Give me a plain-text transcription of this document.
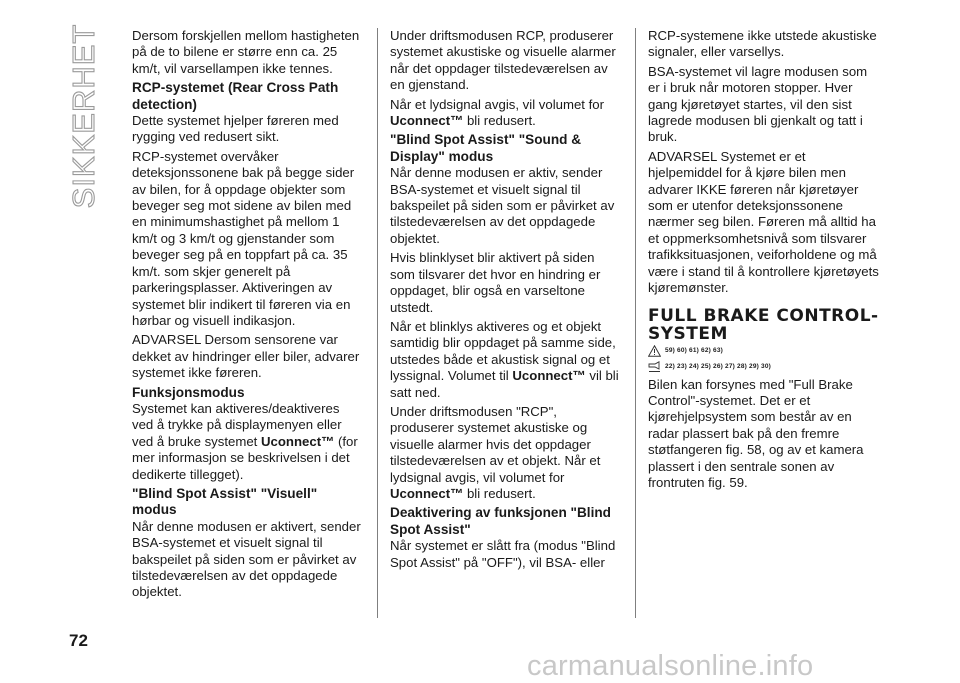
SIKKERHET Dersom forskjellen mellom hastigheten på de to bilene er større enn ca. 25 km/t, vil varsellampen ikke tennes.

RCP-systemet (Rear Cross Path detection)

Dette systemet hjelper føreren med rygging ved redusert sikt.

RCP-systemet overvåker deteksjonssonene bak på begge sider av bilen, for å oppdage objekter som beveger seg mot sidene av bilen med en minimumshastighet på mellom 1 km/t og 3 km/t og gjenstander som beveger seg på en toppfart på ca. 35 km/t. som skjer generelt på parkeringsplasser. Aktiveringen av systemet blir indikert til føreren via en hørbar og visuell indikasjon.

ADVARSEL Dersom sensorene var dekket av hindringer eller biler, advarer systemet ikke føreren.

Funksjonsmodus

Systemet kan aktiveres/deaktiveres ved å trykke på displaymenyen eller ved å bruke systemet Uconnect™ (for mer informasjon se beskrivelsen i det dedikerte tillegget).

"Blind Spot Assist" "Visuell" modus

Når denne modusen er aktivert, sender BSA-systemet et visuelt signal til bakspeilet på siden som er påvirket av tilstedeværelsen av det oppdagede objektet.

Under driftsmodusen RCP, produserer systemet akustiske og visuelle alarmer når det oppdager tilstedeværelsen av en gjenstand.

Når et lydsignal avgis, vil volumet for
Uconnect™ bli redusert.

"Blind Spot Assist" "Sound & Display" modus

Når denne modusen er aktiv, sender BSA-systemet et visuelt signal til bakspeilet på siden som er påvirket av tilstedeværelsen av det oppdagede objektet.

Hvis blinklyset blir aktivert på siden som tilsvarer det hvor en hindring er oppdaget, blir også en varseltone utstedt.

Når et blinklys aktiveres og et objekt samtidig blir oppdaget på samme side, utstedes både et akustisk signal og et lyssignal. Volumet til Uconnect™ vil bli satt ned.

Under driftsmodusen "RCP", produserer systemet akustiske og visuelle alarmer hvis det oppdager tilstedeværelsen av et objekt. Når et lydsignal avgis, vil volumet for
Uconnect™ bli redusert.

Deaktivering av funksjonen "Blind Spot Assist"

Når systemet er slått fra (modus "Blind Spot Assist" på "OFF"), vil BSA- eller

RCP-systemene ikke utstede akustiske signaler, eller varsellys.

BSA-systemet vil lagre modusen som er i bruk når motoren stopper. Hver gang kjøretøyet startes, vil den sist lagrede modusen bli gjenkalt og tatt i bruk.

ADVARSEL Systemet er et hjelpemiddel for å kjøre bilen men advarer IKKE føreren når kjøretøyer som er utenfor deteksjonssonene nærmer seg bilen. Føreren må alltid ha et oppmerksomhetsnivå som tilsvarer trafikksituasjonen, veiforholdene og må være i stand til å kontrollere kjøretøyets kjøremønster.

FULL BRAKE CONTROL-SYSTEM
59) 60) 61) 62) 63)
22) 23) 24) 25) 26) 27) 28) 29) 30)

Bilen kan forsynes med "Full Brake Control"-systemet. Det er et kjørehjelpsystem som består av en radar plassert bak på den fremre støtfangeren fig. 58, og av et kamera plassert i den sentrale sonen av frontruten fig. 59.

72
carmanualsonline.info
